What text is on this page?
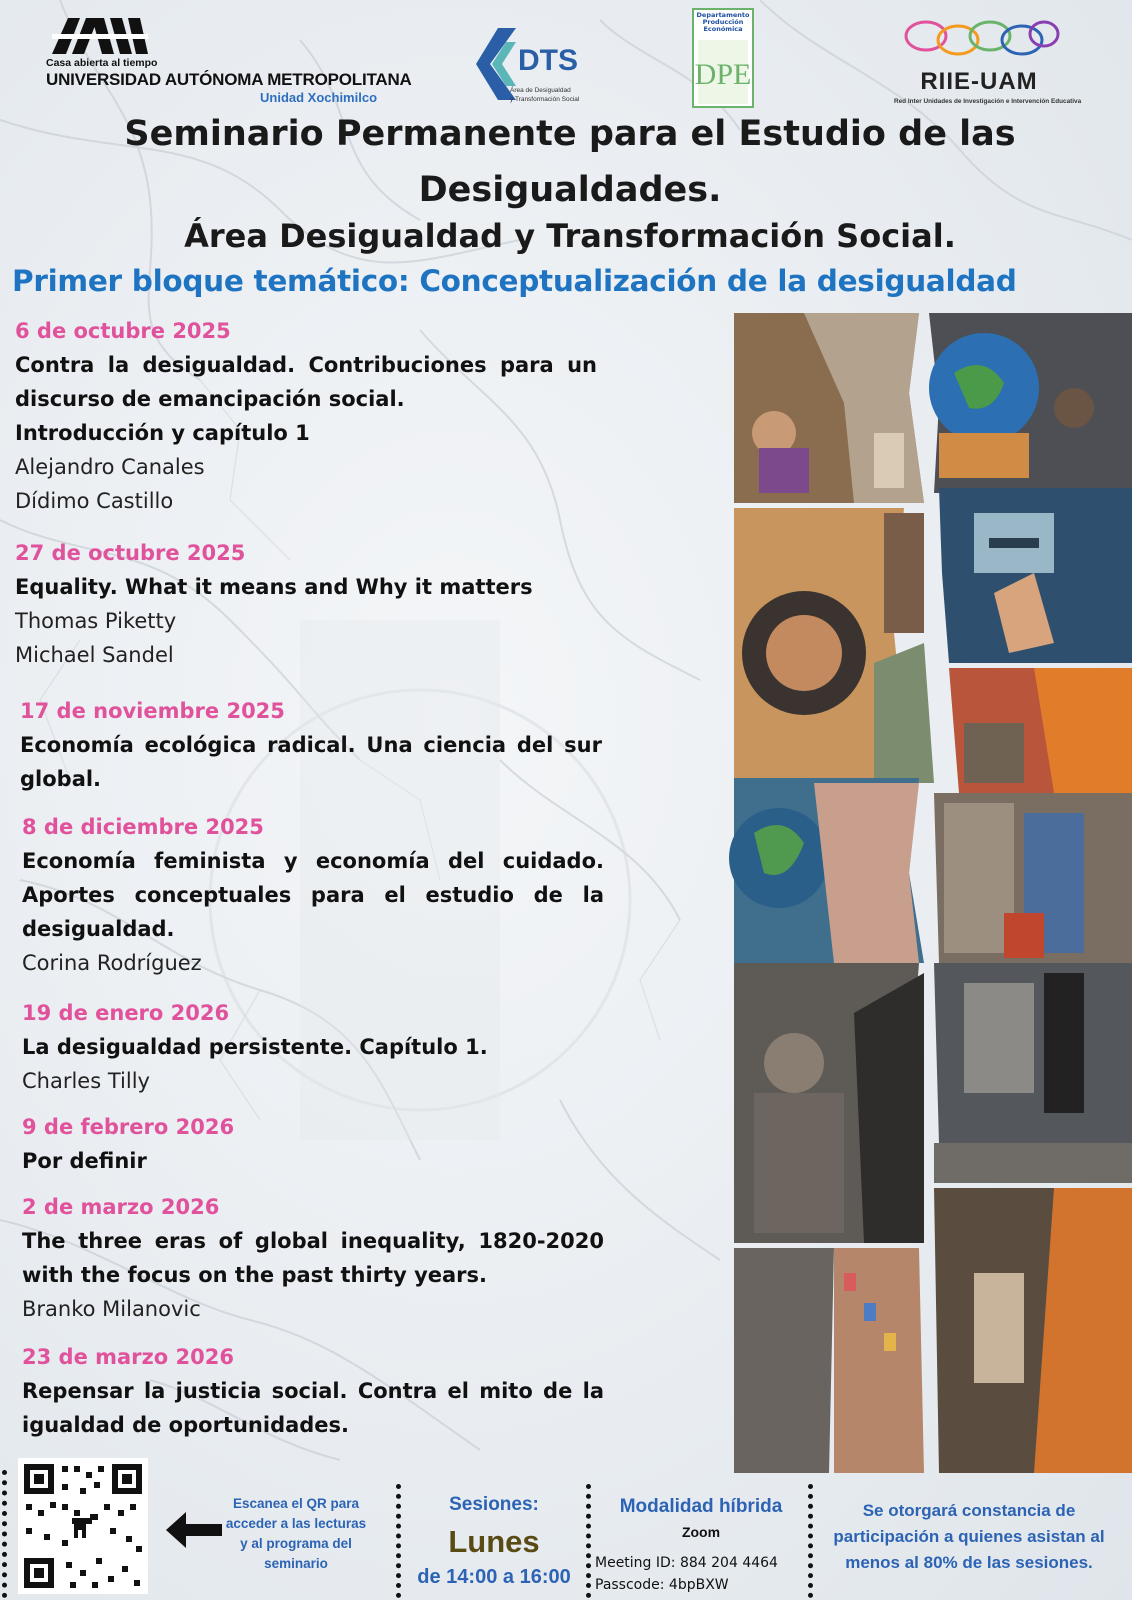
Casa abierta al tiempo
UNIVERSIDAD AUTÓNOMA METROPOLITANA
Unidad Xochimilco
DTS
Área de Desigualdad
y Transformación Social
Departamento Producción Económica
DPE	RIIE-UAM
Red Inter Unidades de Investigación e Intervención Educativa
Seminario Permanente para el Estudio de las Desigualdades.
Área Desigualdad y Transformación Social.
Primer bloque temático: Conceptualización de la desigualdad
6 de octubre 2025
Contra la desigualdad. Contribuciones para un discurso de emancipación social.
Introducción y capítulo 1
Alejandro Canales
Dídimo Castillo
27 de octubre 2025
Equality. What it means and Why it matters
Thomas Piketty
Michael Sandel
17 de noviembre 2025
Economía ecológica radical. Una ciencia del sur global.
8 de diciembre 2025
Economía feminista y economía del cuidado. Aportes conceptuales para el estudio de la desigualdad.
Corina Rodríguez
19 de enero 2026
La desigualdad persistente. Capítulo 1.
Charles Tilly
9 de febrero 2026
Por definir
2 de marzo 2026
The three eras of global inequality, 1820-2020 with the focus on the past thirty years.
Branko Milanovic
23 de marzo 2026
Repensar la justicia social. Contra el mito de la igualdad de oportunidades.
Escanea el QR para acceder a las lecturas y al programa del seminario
Sesiones:
Lunes
de 14:00 a 16:00
Modalidad híbrida
Zoom
Meeting ID: 884 204 4464
Passcode: 4bpBXW
Se otorgará constancia de participación a quienes asistan al menos al 80% de las sesiones.
